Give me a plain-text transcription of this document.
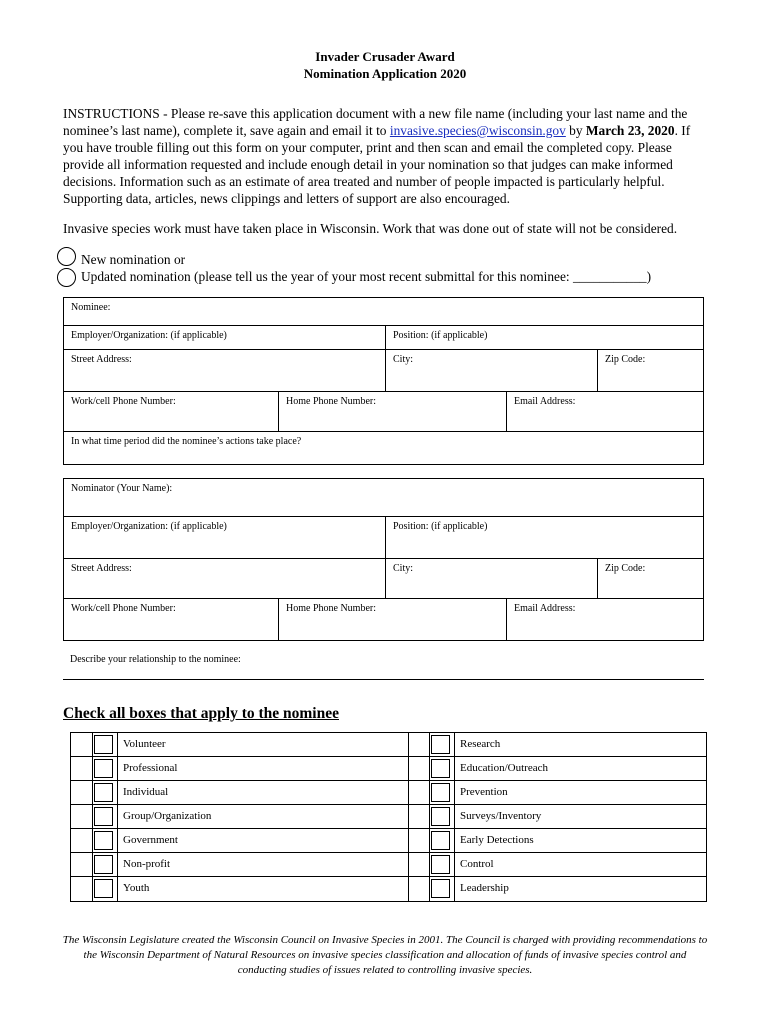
Invader Crusader Award
Nomination Application 2020
INSTRUCTIONS - Please re-save this application document with a new file name (including your last name and the nominee’s last name), complete it, save again and email it to invasive.species@wisconsin.gov by March 23, 2020. If you have trouble filling out this form on your computer, print and then scan and email the completed copy. Please provide all information requested and include enough detail in your nomination so that judges can make informed decisions. Information such as an estimate of area treated and number of people impacted is particularly helpful. Supporting data, articles, news clippings and letters of support are also encouraged.
Invasive species work must have taken place in Wisconsin. Work that was done out of state will not be considered.
New nomination or
Updated nomination (please tell us the year of your most recent submittal for this nominee: ___________)
Nominee:
Employer/Organization: (if applicable)	Position: (if applicable)
Street Address:	City:	Zip Code:
Work/cell Phone Number:	Home Phone Number:	Email Address:
In what time period did the nominee’s actions take place?
Nominator (Your Name):
Employer/Organization: (if applicable)	Position: (if applicable)
Street Address:	City:	Zip Code:
Work/cell Phone Number:	Home Phone Number:	Email Address:
Describe your relationship to the nominee:
Check all boxes that apply to the nominee
Volunteer	Research
Professional	Education/Outreach
Individual	Prevention
Group/Organization	Surveys/Inventory
Government	Early Detections
Non-profit	Control
Youth	Leadership
The Wisconsin Legislature created the Wisconsin Council on Invasive Species in 2001. The Council is charged with providing recommendations to the Wisconsin Department of Natural Resources on invasive species classification and allocation of funds of invasive species control and conducting studies of issues related to controlling invasive species.
